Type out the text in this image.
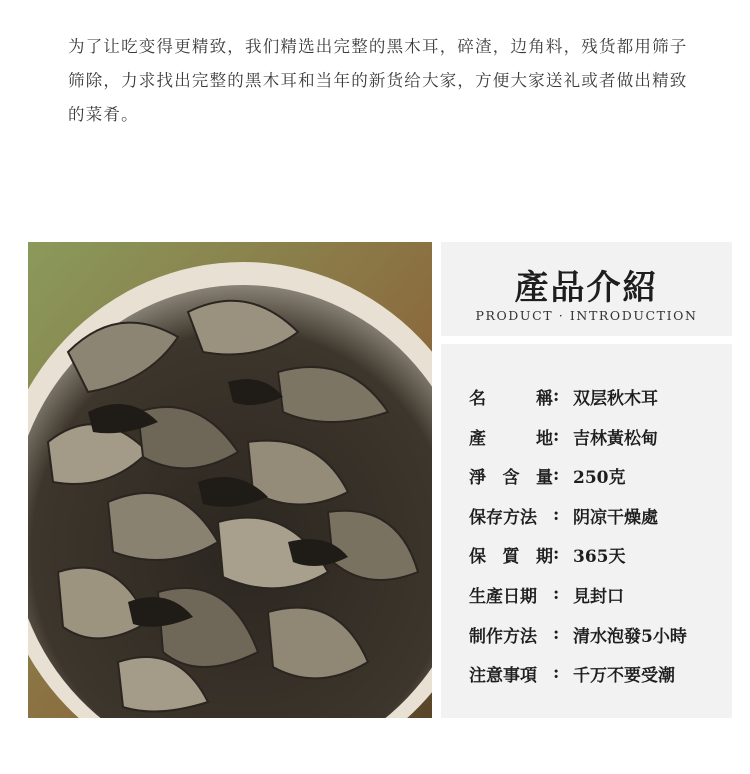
为了让吃变得更精致，我们精选出完整的黑木耳，碎渣，边角料，残货都用筛子筛除，力求找出完整的黑木耳和当年的新货给大家，方便大家送礼或者做出精致的菜肴。
產品介紹
PRODUCT · INTRODUCTION
名	稱 : 双层秋木耳
產	地 : 吉林黃松甸
淨 含 量 : 250克
保存方法 : 阴凉干燥處
保 質 期 : 365天
生產日期 : 見封口
制作方法 : 清水泡發5小時
注意事項 : 千万不要受潮
